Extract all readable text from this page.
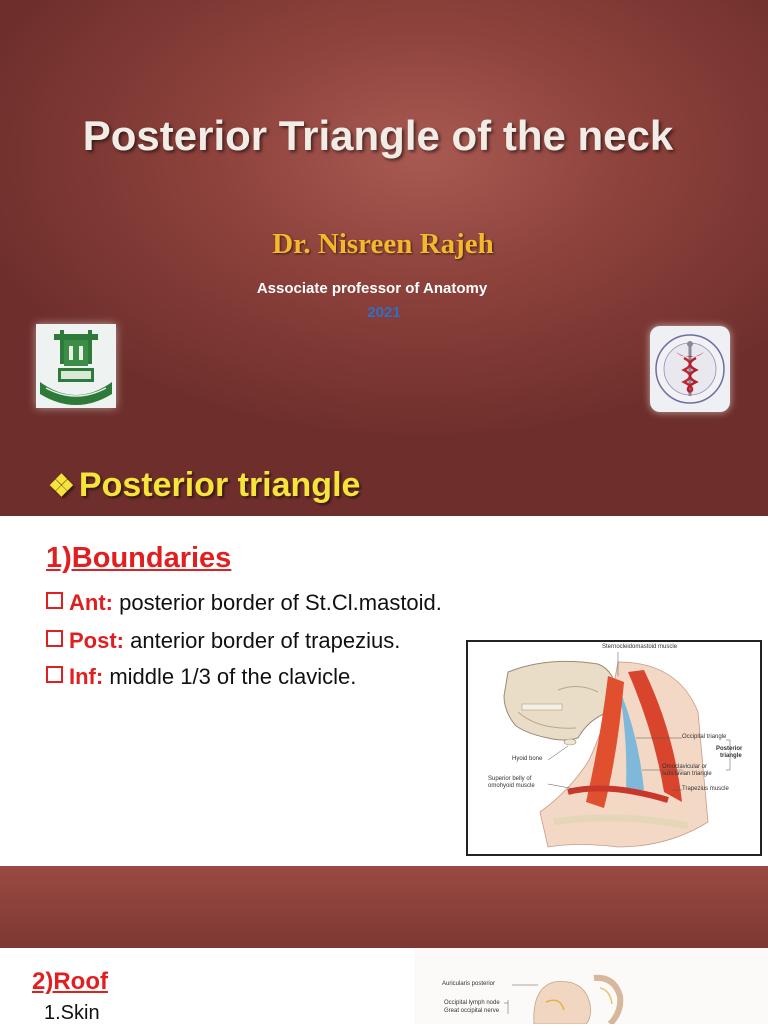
Posterior Triangle of the neck
Dr. Nisreen Rajeh
Associate professor of Anatomy
2021
❖ Posterior triangle
1)Boundaries
Ant: posterior border of St.Cl.mastoid.
Post: anterior border of trapezius.
Inf: middle 1/3 of the clavicle.
Sternocleidomastoid muscle
Occipital triangle
Posterior
triangle
Hyoid bone
Omoclavicular or
subclavian triangle
Superior belly of
omohyoid muscle	Trapezius muscle
2)Roof
1.Skin
Auricularis posterior
Occipital lymph node
Great occipital nerve
